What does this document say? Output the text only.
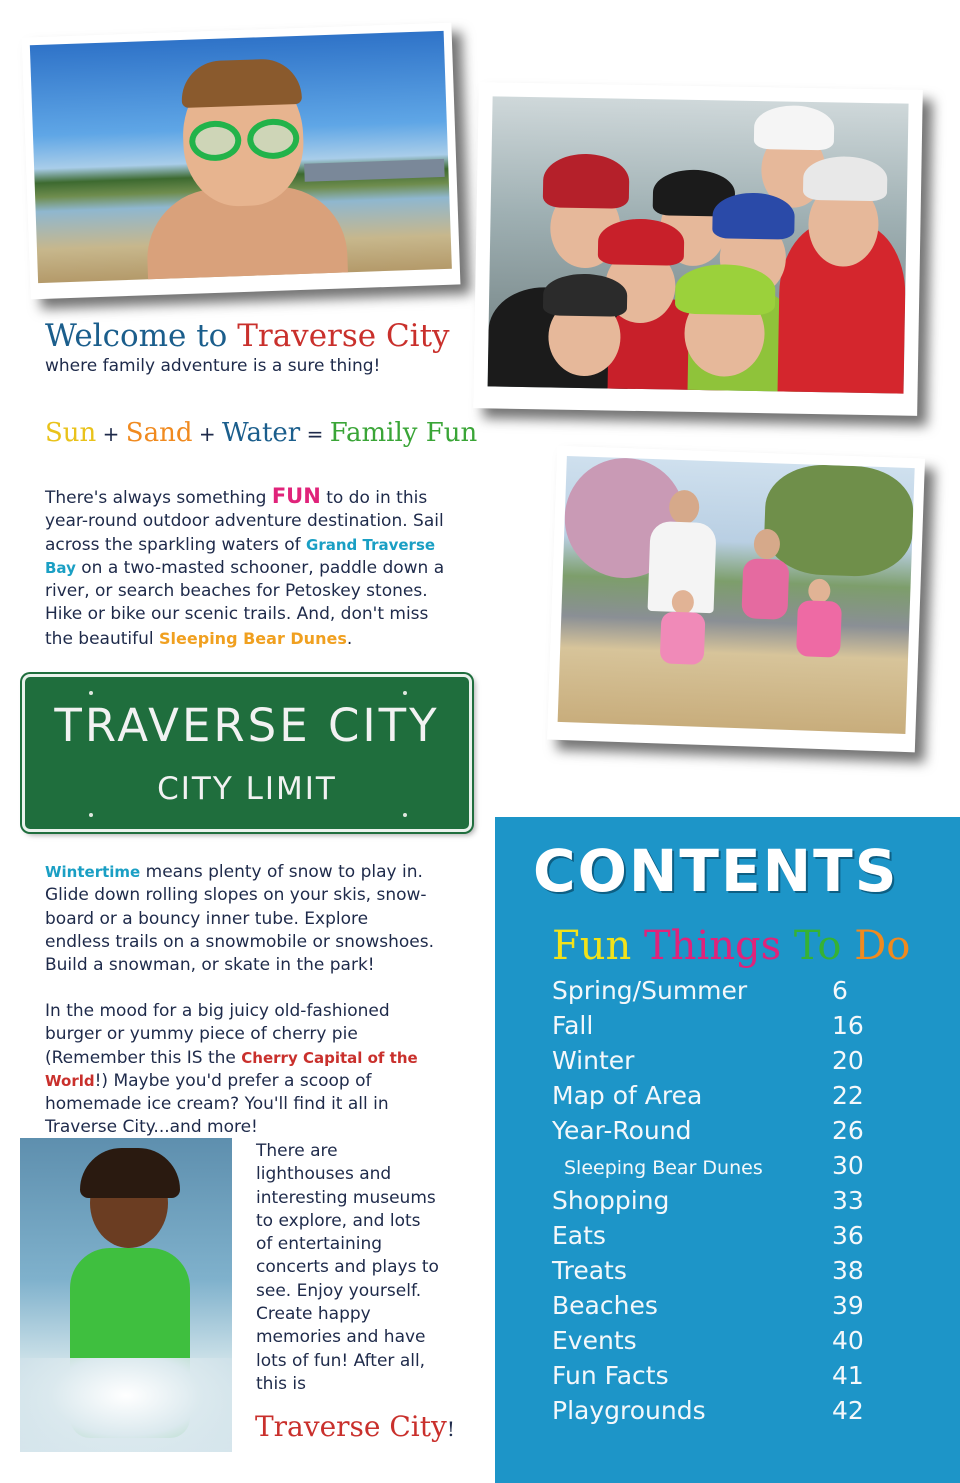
Welcome to Traverse City
where family adventure is a sure thing!
Sun + Sand + Water = Family Fun
There's always something FUN to do in this year-round outdoor adventure destination. Sail across the sparkling waters of Grand Traverse Bay on a two-masted schooner, paddle down a river, or search beaches for Petoskey stones. Hike or bike our scenic trails. And, don't miss the beautiful Sleeping Bear Dunes.
TRAVERSE CITY
CITY LIMIT
Wintertime means plenty of snow to play in. Glide down rolling slopes on your skis, snow-board or a bouncy inner tube. Explore endless trails on a snowmobile or snowshoes. Build a snowman, or skate in the park!
In the mood for a big juicy old-fashioned burger or yummy piece of cherry pie (Remember this IS the Cherry Capital of the World!) Maybe you'd prefer a scoop of homemade ice cream? You'll find it all in Traverse City...and more!
There are lighthouses and interesting museums to explore, and lots of entertaining concerts and plays to see. Enjoy yourself. Create happy memories and have lots of fun! After all, this is
Traverse City!
CONTENTS
Fun Things To Do
Spring/Summer	6
Fall	16
Winter	20
Map of Area	22
Year-Round	26
Sleeping Bear Dunes	30
Shopping	33
Eats	36
Treats	38
Beaches	39
Events	40
Fun Facts	41
Playgrounds	42
